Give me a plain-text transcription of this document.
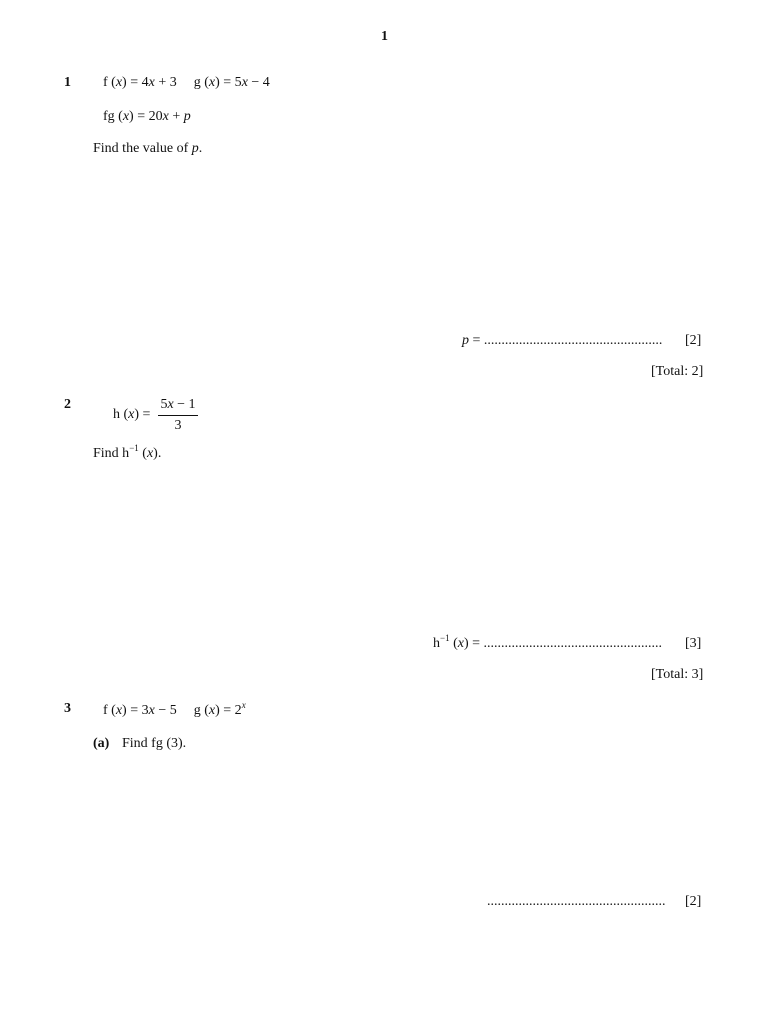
1
1 f (x) = 4x + 3 g (x) = 5x − 4
fg (x) = 20x + p
Find the value of p.
p = ................................................... [2]
[Total: 2]
2
h (x) =
5x − 1
3
Find $h^{-1}$ (x).
$h^{-1}$ (x) = ................................................... [3]
[Total: 3]
3 f (x) = 3x − 5 g $(x) = 2^x$
(a) Find fg (3).
................................................... [2]
